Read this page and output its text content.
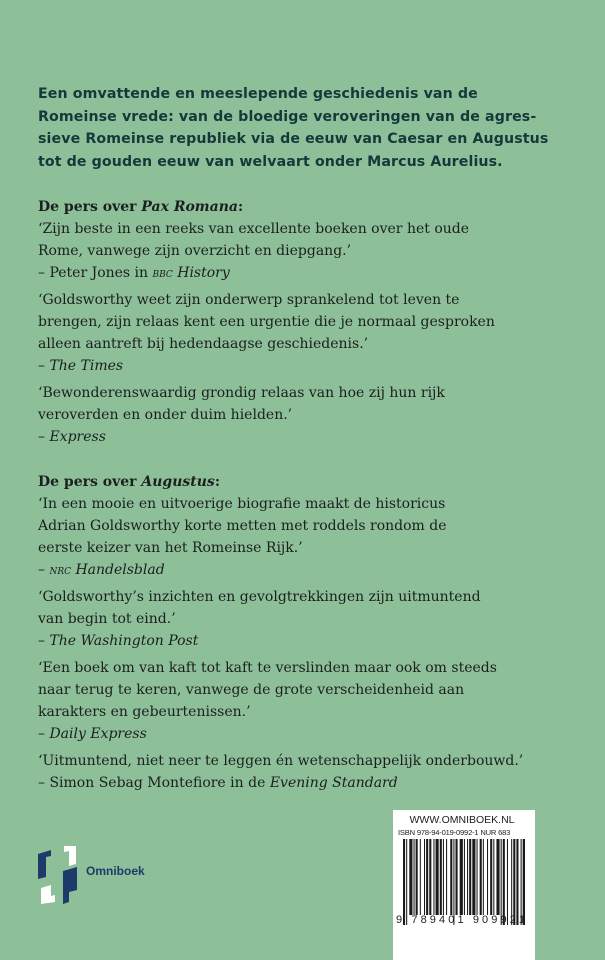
Een omvattende en meeslepende geschiedenis van de
Romeinse vrede: van de bloedige veroveringen van de agres-
sieve Romeinse republiek via de eeuw van Caesar en Augustus
tot de gouden eeuw van welvaart onder Marcus Aurelius.
De pers over Pax Romana:
‘Zijn beste in een reeks van excellente boeken over het oude
Rome, vanwege zijn overzicht en diepgang.’
– Peter Jones in bbc History
‘Goldsworthy weet zijn onderwerp sprankelend tot leven te
brengen, zijn relaas kent een urgentie die je normaal gesproken
alleen aantreft bij hedendaagse geschiedenis.’
– The Times
‘Bewonderenswaardig grondig relaas van hoe zij hun rijk
veroverden en onder duim hielden.’
– Express
De pers over Augustus:
‘In een mooie en uitvoerige biografie maakt de historicus
Adrian Goldsworthy korte metten met roddels rondom de
eerste keizer van het Romeinse Rijk.’
– nrc Handelsblad
‘Goldsworthy’s inzichten en gevolgtrekkingen zijn uitmuntend
van begin tot eind.’
– The Washington Post
‘Een boek om van kaft tot kaft te verslinden maar ook om steeds
naar terug te keren, vanwege de grote verscheidenheid aan
karakters en gebeurtenissen.’
– Daily Express
‘Uitmuntend, niet neer te leggen én wetenschappelijk onderbouwd.’
– Simon Sebag Montefiore in de Evening Standard
Omniboek
WWW.OMNIBOEK.NL
ISBN 978-94-019-0992-1 NUR 683
9 789401 909921
